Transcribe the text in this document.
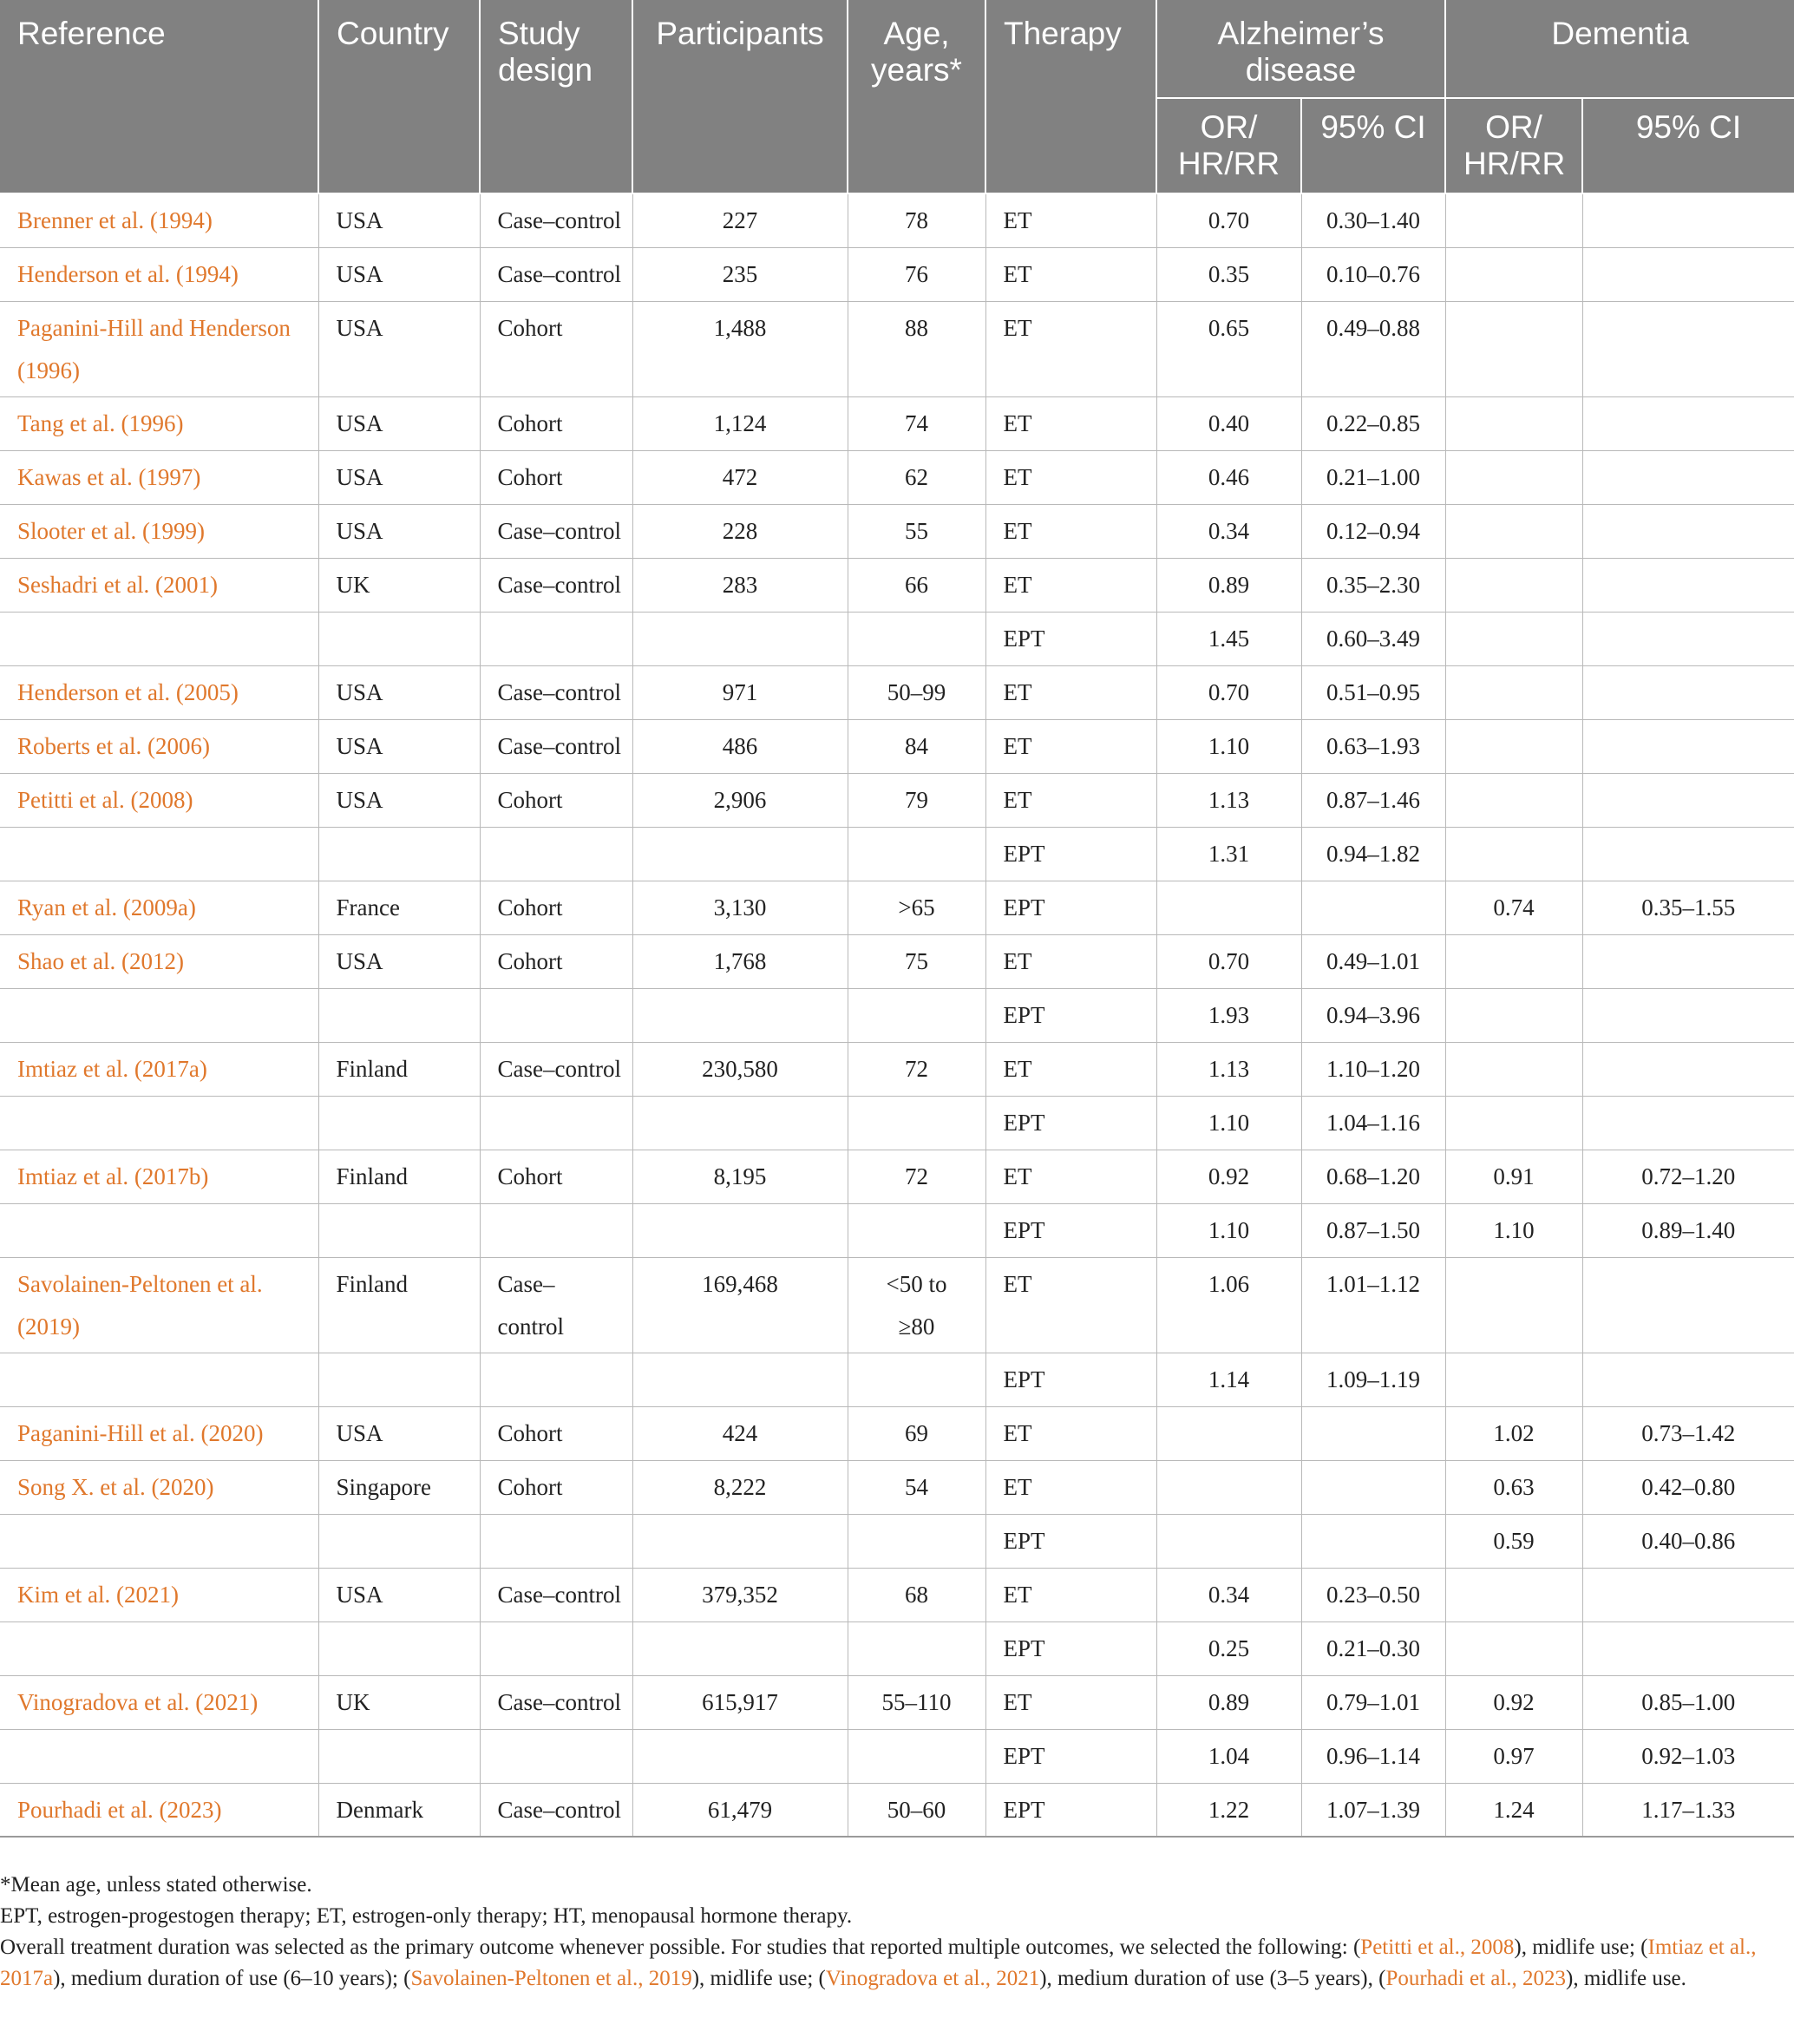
Reference	Country	Study design	Participants	Age, years*	Therapy	Alzheimer’s disease		Dementia	
						OR/ HR/RR	95% CI	OR/ HR/RR	95% CI
Brenner et al. (1994)	USA	Case–control	227	78	ET	0.70	0.30–1.40		
Henderson et al. (1994)	USA	Case–control	235	76	ET	0.35	0.10–0.76		
Paganini-Hill and Henderson (1996)	USA	Cohort	1,488	88	ET	0.65	0.49–0.88		
Tang et al. (1996)	USA	Cohort	1,124	74	ET	0.40	0.22–0.85		
Kawas et al. (1997)	USA	Cohort	472	62	ET	0.46	0.21–1.00		
Slooter et al. (1999)	USA	Case–control	228	55	ET	0.34	0.12–0.94		
Seshadri et al. (2001)	UK	Case–control	283	66	ET	0.89	0.35–2.30		
					EPT	1.45	0.60–3.49		
Henderson et al. (2005)	USA	Case–control	971	50–99	ET	0.70	0.51–0.95		
Roberts et al. (2006)	USA	Case–control	486	84	ET	1.10	0.63–1.93		
Petitti et al. (2008)	USA	Cohort	2,906	79	ET	1.13	0.87–1.46		
					EPT	1.31	0.94–1.82		
Ryan et al. (2009a)	France	Cohort	3,130	>65	EPT			0.74	0.35–1.55
Shao et al. (2012)	USA	Cohort	1,768	75	ET	0.70	0.49–1.01		
					EPT	1.93	0.94–3.96		
Imtiaz et al. (2017a)	Finland	Case–control	230,580	72	ET	1.13	1.10–1.20		
					EPT	1.10	1.04–1.16		
Imtiaz et al. (2017b)	Finland	Cohort	8,195	72	ET	0.92	0.68–1.20	0.91	0.72–1.20
					EPT	1.10	0.87–1.50	1.10	0.89–1.40
Savolainen-Peltonen et al. (2019)	Finland	Case–control	169,468	<50 to ≥80	ET	1.06	1.01–1.12		
					EPT	1.14	1.09–1.19		
Paganini-Hill et al. (2020)	USA	Cohort	424	69	ET			1.02	0.73–1.42
Song X. et al. (2020)	Singapore	Cohort	8,222	54	ET			0.63	0.42–0.80
					EPT			0.59	0.40–0.86
Kim et al. (2021)	USA	Case–control	379,352	68	ET	0.34	0.23–0.50		
					EPT	0.25	0.21–0.30		
Vinogradova et al. (2021)	UK	Case–control	615,917	55–110	ET	0.89	0.79–1.01	0.92	0.85–1.00
					EPT	1.04	0.96–1.14	0.97	0.92–1.03
Pourhadi et al. (2023)	Denmark	Case–control	61,479	50–60	EPT	1.22	1.07–1.39	1.24	1.17–1.33

*Mean age, unless stated otherwise.

EPT, estrogen-progestogen therapy; ET, estrogen-only therapy; HT, menopausal hormone therapy.

Overall treatment duration was selected as the primary outcome whenever possible. For studies that reported multiple outcomes, we selected the following: (Petitti et al., 2008), midlife use; (Imtiaz et al., 2017a), medium duration of use (6–10 years); (Savolainen-Peltonen et al., 2019), midlife use; (Vinogradova et al., 2021), medium duration of use (3–5 years), (Pourhadi et al., 2023), midlife use.
